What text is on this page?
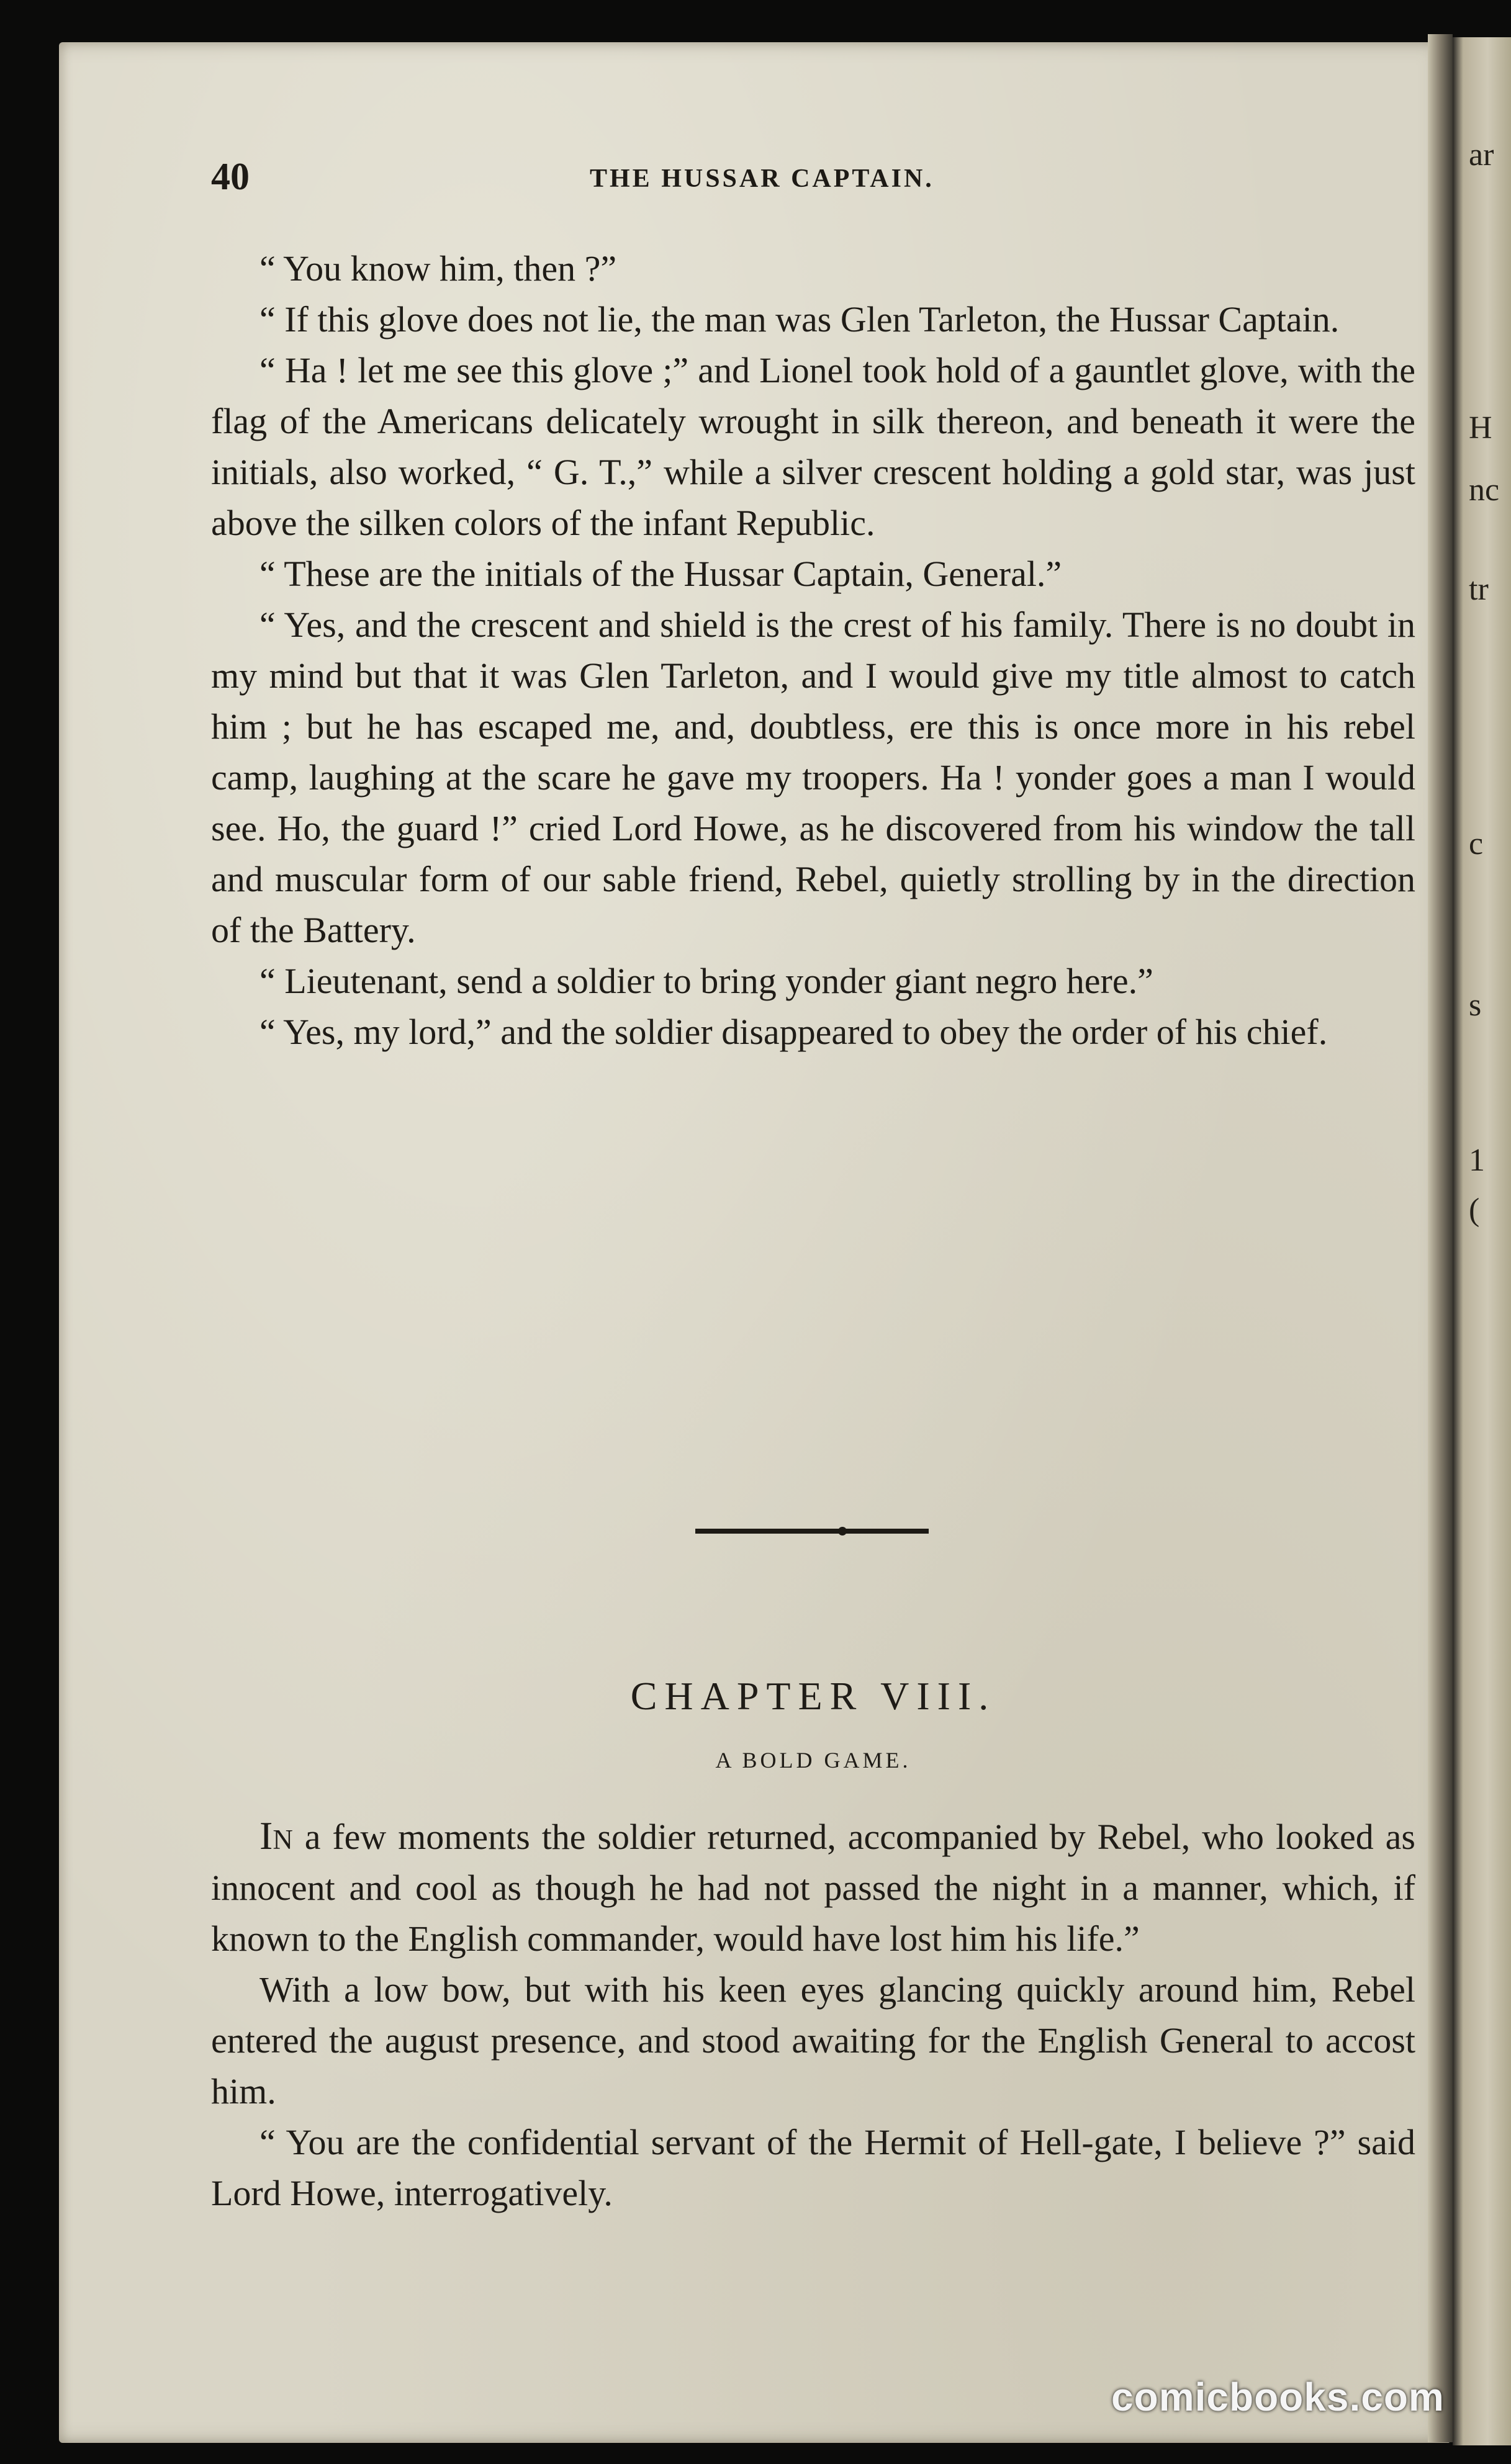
ar
H
nc
tr
c
s
1
(
40	THE HUSSAR CAPTAIN.

“ You know him, then ?”

“ If this glove does not lie, the man was Glen Tarleton, the Hussar Captain.

“ Ha ! let me see this glove ;” and Lionel took hold of a gauntlet glove, with the flag of the Americans delicately wrought in silk thereon, and beneath it were the initials, also worked, “ G. T.,” while a silver crescent holding a gold star, was just above the silken colors of the infant Republic.

“ These are the initials of the Hussar Captain, General.”

“ Yes, and the crescent and shield is the crest of his family. There is no doubt in my mind but that it was Glen Tarleton, and I would give my title almost to catch him ; but he has escaped me, and, doubtless, ere this is once more in his rebel camp, laughing at the scare he gave my troopers. Ha ! yonder goes a man I would see. Ho, the guard !” cried Lord Howe, as he discovered from his window the tall and muscular form of our sable friend, Rebel, quietly strolling by in the direction of the Battery.

“ Lieutenant, send a soldier to bring yonder giant negro here.”

“ Yes, my lord,” and the soldier disappeared to obey the order of his chief.

CHAPTER VIII.
A BOLD GAME.

In a few moments the soldier returned, accompanied by Rebel, who looked as innocent and cool as though he had not passed the night in a manner, which, if known to the English commander, would have lost him his life.”

With a low bow, but with his keen eyes glancing quickly around him, Rebel entered the august presence, and stood awaiting for the English General to accost him.

“ You are the confidential servant of the Hermit of Hell-gate, I believe ?” said Lord Howe, interrogatively.

comicbooks.com
